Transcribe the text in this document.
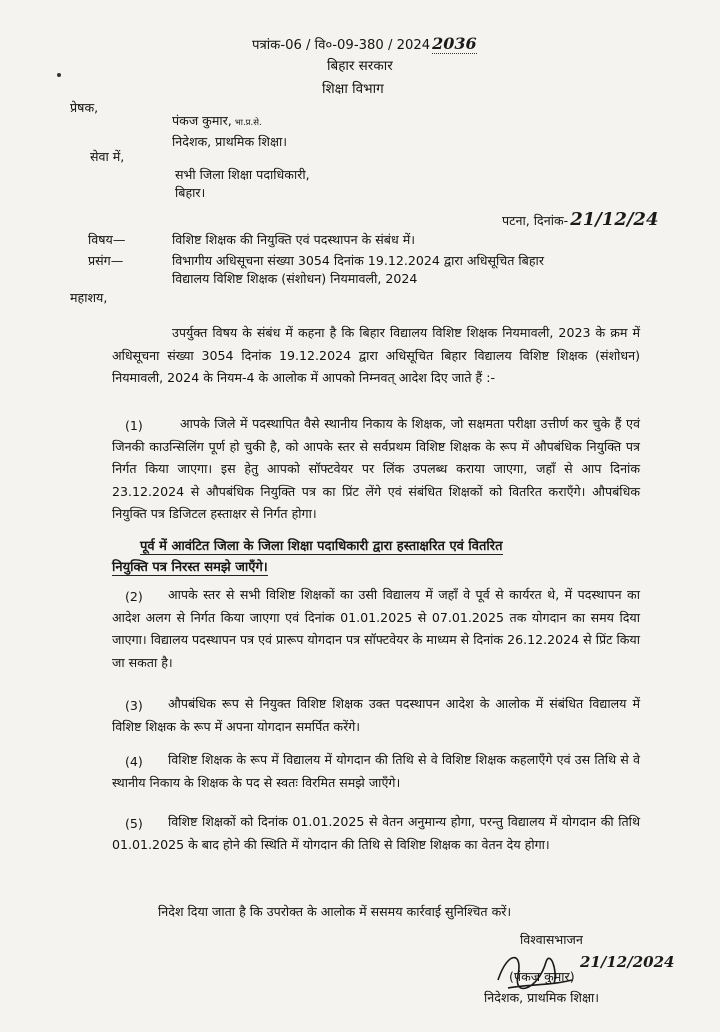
पत्रांक-06 / वि०-09-380 / 2024 2036
बिहार सरकार
शिक्षा विभाग
प्रेषक,
पंकज कुमार, भा.प्र.से.
निदेशक, प्राथमिक शिक्षा।
सेवा में,
सभी जिला शिक्षा पदाधिकारी,
बिहार।
पटना, दिनांक- 21/12/24
विषय—	विशिष्ट शिक्षक की नियुक्ति एवं पदस्थापन के संबंध में।
प्रसंग—	विभागीय अधिसूचना संख्या 3054 दिनांक 19.12.2024 द्वारा अधिसूचित बिहार
विद्यालय विशिष्ट शिक्षक (संशोधन) नियमावली, 2024
महाशय,
उपर्युक्त विषय के संबंध में कहना है कि बिहार विद्यालय विशिष्ट शिक्षक नियमावली, 2023 के क्रम में अधिसूचना संख्या 3054 दिनांक 19.12.2024 द्वारा अधिसूचित बिहार विद्यालय विशिष्ट शिक्षक (संशोधन) नियमावली, 2024 के नियम-4 के आलोक में आपको निम्नवत् आदेश दिए जाते हैं :-
(1)	आपके जिले में पदस्थापित वैसे स्थानीय निकाय के शिक्षक, जो सक्षमता परीक्षा उत्तीर्ण कर चुके हैं एवं जिनकी काउन्सिलिंग पूर्ण हो चुकी है, को आपके स्तर से सर्वप्रथम विशिष्ट शिक्षक के रूप में औपबंधिक नियुक्ति पत्र निर्गत किया जाएगा। इस हेतु आपको सॉफ्टवेयर पर लिंक उपलब्ध कराया जाएगा, जहाँ से आप दिनांक 23.12.2024 से औपबंधिक नियुक्ति पत्र का प्रिंट लेंगे एवं संबंधित शिक्षकों को वितरित कराएँगे। औपबंधिक नियुक्ति पत्र डिजिटल हस्ताक्षर से निर्गत होगा।
पूर्व में आवंटित जिला के जिला शिक्षा पदाधिकारी द्वारा हस्ताक्षरित एवं वितरित
नियुक्ति पत्र निरस्त समझे जाएँगे।
(2)	आपके स्तर से सभी विशिष्ट शिक्षकों का उसी विद्यालय में जहाँ वे पूर्व से कार्यरत थे, में पदस्थापन का आदेश अलग से निर्गत किया जाएगा एवं दिनांक 01.01.2025 से 07.01.2025 तक योगदान का समय दिया जाएगा। विद्यालय पदस्थापन पत्र एवं प्रारूप योगदान पत्र सॉफ्टवेयर के माध्यम से दिनांक 26.12.2024 से प्रिंट किया जा सकता है।
(3)	औपबंधिक रूप से नियुक्त विशिष्ट शिक्षक उक्त पदस्थापन आदेश के आलोक में संबंधित विद्यालय में विशिष्ट शिक्षक के रूप में अपना योगदान समर्पित करेंगे।
(4)	विशिष्ट शिक्षक के रूप में विद्यालय में योगदान की तिथि से वे विशिष्ट शिक्षक कहलाएँगे एवं उस तिथि से वे स्थानीय निकाय के शिक्षक के पद से स्वतः विरमित समझे जाएँगे।
(5)	विशिष्ट शिक्षकों को दिनांक 01.01.2025 से वेतन अनुमान्य होगा, परन्तु विद्यालय में योगदान की तिथि 01.01.2025 के बाद होने की स्थिति में योगदान की तिथि से विशिष्ट शिक्षक का वेतन देय होगा।
निदेश दिया जाता है कि उपरोक्त के आलोक में ससमय कार्रवाई सुनिश्चित करें।
विश्वासभाजन
21/12/2024
(पंकज कुमार)
निदेशक, प्राथमिक शिक्षा।
